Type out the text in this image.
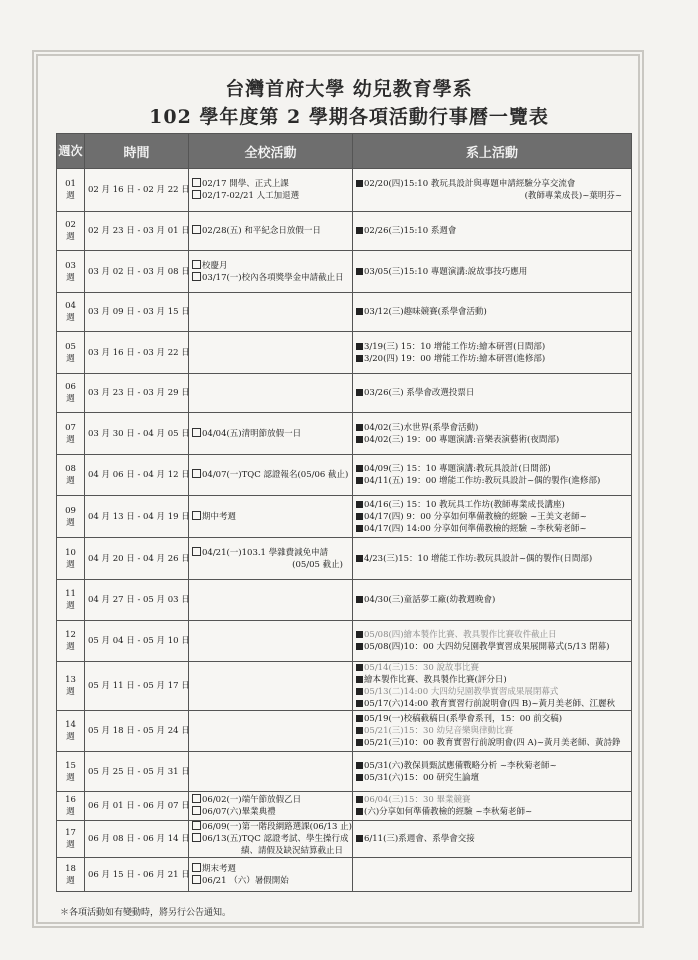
台灣首府大學 幼兒教育學系
102 學年度第 2 學期各項活動行事曆一覽表
週次	時間	全校活動	系上活動

01
週	02 月 16 日 - 02 月 22 日	02/17 開學、正式上課
02/17-02/21 人工加退選	02/20(四)15:10 教玩具設計與專題申請經驗分享交流會
(教師專業成長)~葉明芬~

02
週	02 月 23 日 - 03 月 01 日	02/28(五) 和平紀念日放假一日	02/26(三)15:10 系週會

03
週	03 月 02 日 - 03 月 08 日	校慶月
03/17(一)校內各項獎學金申請截止日	03/05(三)15:10 專題演講:說故事技巧應用

04
週	03 月 09 日 - 03 月 15 日		03/12(三)趣味競賽(系學會活動)

05
週	03 月 16 日 - 03 月 22 日		3/19(三) 15：10 增能工作坊:繪本研習(日間部)
3/20(四) 19：00 增能工作坊:繪本研習(進修部)

06
週	03 月 23 日 - 03 月 29 日		03/26(三) 系學會改選投票日

07
週	03 月 30 日 - 04 月 05 日	04/04(五)清明節放假一日	04/02(三)水世界(系學會活動)
04/02(三) 19：00 專題演講:音樂表演藝術(夜間部)

08
週	04 月 06 日 - 04 月 12 日	04/07(一)TQC 認證報名(05/06 截止)	04/09(三) 15：10 專題演講:教玩具設計(日間部)
04/11(五) 19：00 增能工作坊:教玩具設計~偶的製作(進修部)

09
週	04 月 13 日 - 04 月 19 日	期中考週	04/16(三) 15：10 教玩具工作坊(教師專業成長講座)
04/17(四) 9：00 分享如何準備教檢的經驗 ~王美文老師~
04/17(四) 14:00 分享如何準備教檢的經驗 ~李秋菊老師~

10
週	04 月 20 日 - 04 月 26 日	04/21(一)103.1 學雜費減免申請
(05/05 截止)	4/23(三)15：10 增能工作坊:教玩具設計~偶的製作(日間部)

11
週	04 月 27 日 - 05 月 03 日		04/30(三)童話夢工廠(幼教週晚會)

12
週	05 月 04 日 - 05 月 10 日		05/08(四)繪本製作比賽、教具製作比賽收件截止日
05/08(四)10：00 大四幼兒園教學實習成果展開幕式(5/13 閉幕)

13
週	05 月 11 日 - 05 月 17 日		05/14(三)15：30 說故事比賽
繪本製作比賽、教具製作比賽(評分日)
05/13(二)14:00 大四幼兒園教學實習成果展閉幕式
05/17(六)14:00 教育實習行前說明會(四 B)~黃月美老師、江麗秋

14
週	05 月 18 日 - 05 月 24 日		05/19(一)校稿截稿日(系學會系刊，15：00 前交稿)
05/21(三)15：30 幼兒音樂與律動比賽
05/21(三)10：00 教育實習行前說明會(四 A)~黃月美老師、黃詩錚

15
週	05 月 25 日 - 05 月 31 日		05/31(六)教保員甄試應備戰略分析 ~李秋菊老師~
05/31(六)15：00 研究生論壇

16
週	06 月 01 日 - 06 月 07 日	06/02(一)端午節放假乙日
06/07(六)畢業典禮	06/04(三)15：30 畢業競賽
(六)分享如何準備教檢的經驗 ~李秋菊老師~

17
週	06 月 08 日 - 06 月 14 日	06/09(一)第一階段網路選課(06/13 止)
06/13(五)TQC 認證考試、學生操行成
績、請假及缺況結算截止日	6/11(三)系週會、系學會交接

18
週	06 月 15 日 - 06 月 21 日	期末考週
06/21 （六）暑假開始	

＊各項活動如有變動時，將另行公告通知。
